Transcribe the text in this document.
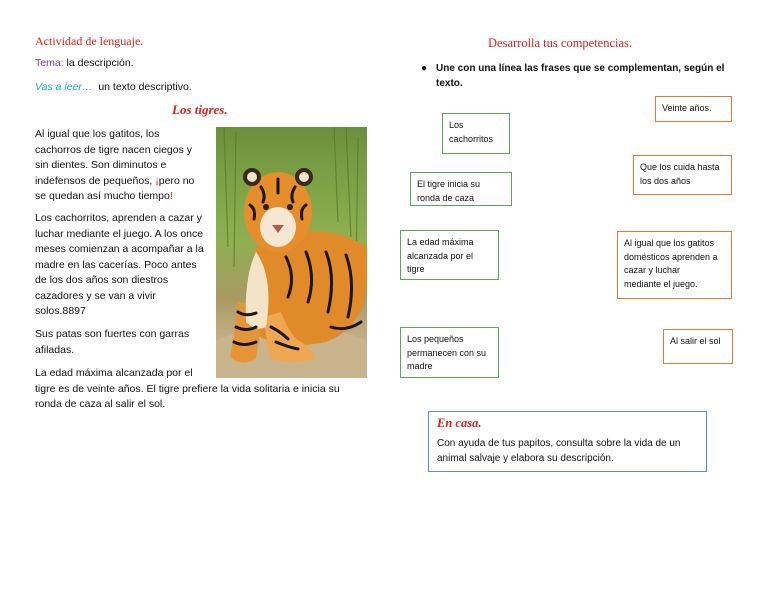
Actividad de lenguaje.
Tema: la descripción.
Vas a leer… un texto descriptivo.
Los tigres.
Al igual que los gatitos, los
cachorros de tigre nacen ciegos y
sin dientes. Son diminutos e
indefensos de pequeños, ¡pero no
se quedan así mucho tiempo!
Los cachorritos, aprenden a cazar y
luchar mediante el juego. A los once
meses comienzan a acompañar a la
madre en las cacerías. Poco antes
de los dos años son diestros
cazadores y se van a vivir
solos.8897
Sus patas son fuertes con garras
afiladas.
La edad máxima alcanzada por el
tigre es de veinte años. El tigre prefiere la vida solitaria e inicia su
ronda de caza al salir el sol.
Desarrolla tus competencias.
● Une con una línea las frases que se complementan, según el
texto.
Los
cachorritos
El tigre inicia su
ronda de caza
La edad máxima
alcanzada por el
tigre
Los pequeños
permanecen con su
madre
Veinte años.
Que los cuida hasta
los dos años
Al igual que los gatitos
domésticos aprenden a
cazar y luchar
mediante el juego.
Al salir el sol
En casa.
Con ayuda de tus papitos, consulta sobre la vida de un
animal salvaje y elabora su descripción.
